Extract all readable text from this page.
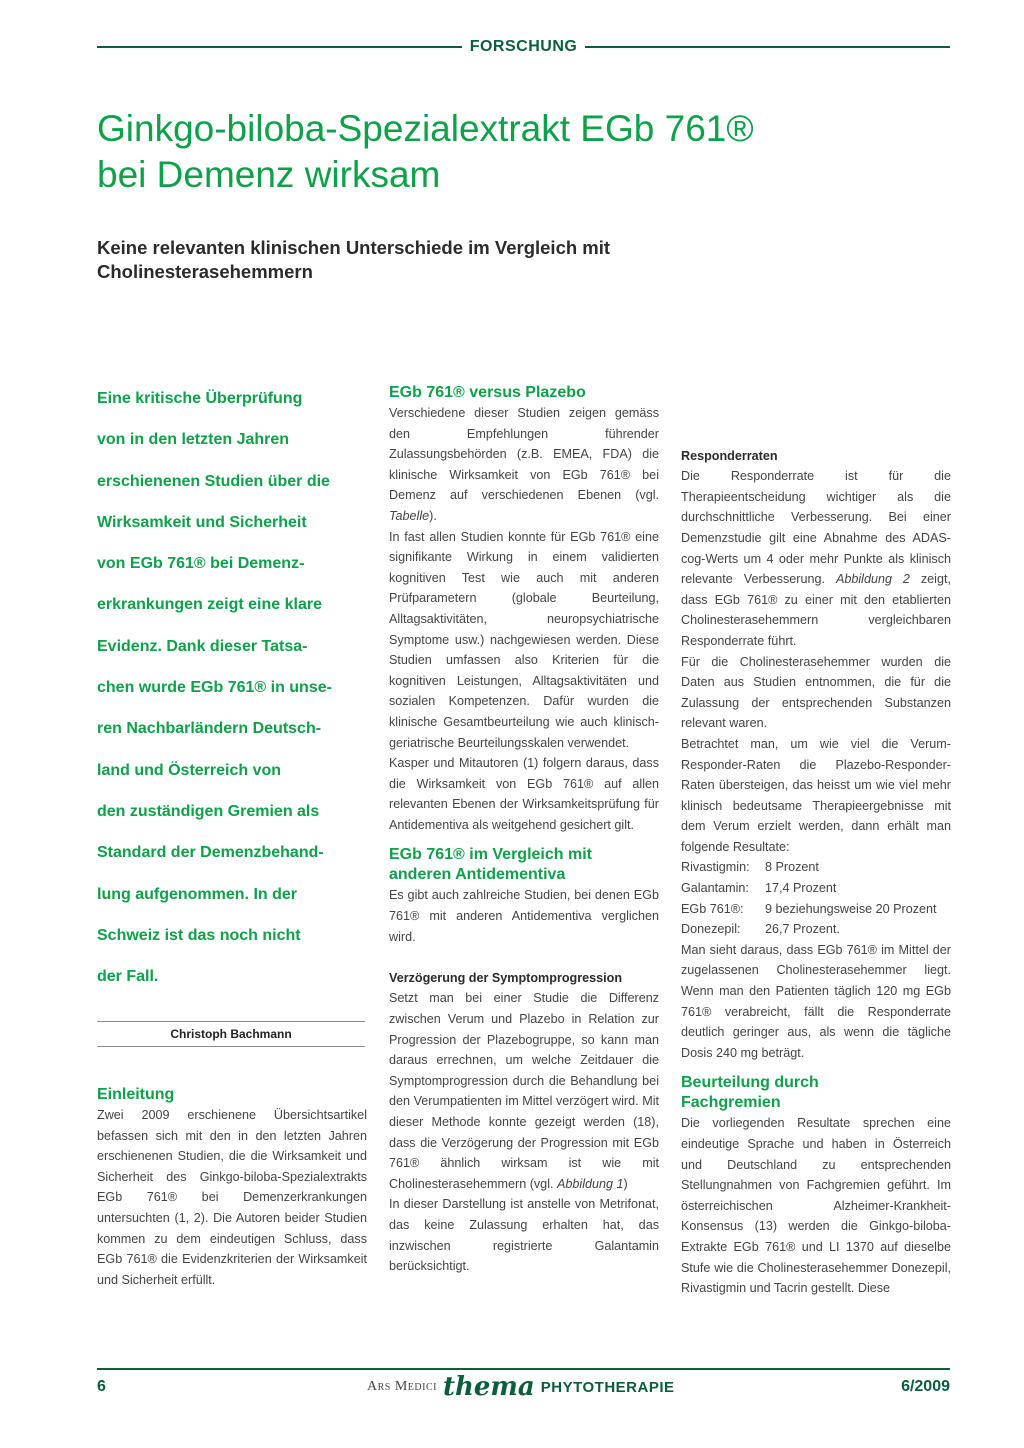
FORSCHUNG
Ginkgo-biloba-Spezialextrakt EGb 761®
bei Demenz wirksam
Keine relevanten klinischen Unterschiede im Vergleich mit
Cholinesterasehemmern
Eine kritische Überprüfung
von in den letzten Jahren
erschienenen Studien über die
Wirksamkeit und Sicherheit
von EGb 761® bei Demenz-
erkrankungen zeigt eine klare
Evidenz. Dank dieser Tatsa-
chen wurde EGb 761® in unse-
ren Nachbarländern Deutsch-
land und Österreich von
den zuständigen Gremien als
Standard der Demenzbehand-
lung aufgenommen. In der
Schweiz ist das noch nicht
der Fall.
Christoph Bachmann
Einleitung

Zwei 2009 erschienene Übersichtsartikel befassen sich mit den in den letzten Jahren erschienenen Studien, die die Wirksamkeit und Sicherheit des Ginkgo-biloba-Spezialextrakts EGb 761® bei Demenzerkrankungen untersuchten (1, 2). Die Autoren beider Studien kommen zu dem eindeutigen Schluss, dass EGb 761® die Evidenzkriterien der Wirksamkeit und Sicherheit erfüllt.

EGb 761® versus Plazebo

Verschiedene dieser Studien zeigen gemäss den Empfehlungen führender Zulassungsbehörden (z.B. EMEA, FDA) die klinische Wirksamkeit von EGb 761® bei Demenz auf verschiedenen Ebenen (vgl. Tabelle).

In fast allen Studien konnte für EGb 761® eine signifikante Wirkung in einem validierten kognitiven Test wie auch mit anderen Prüfparametern (globale Beurteilung, Alltagsaktivitäten, neuropsychiatrische Symptome usw.) nachgewiesen werden. Diese Studien umfassen also Kriterien für die kognitiven Leistungen, Alltagsaktivitäten und sozialen Kompetenzen. Dafür wurden die klinische Gesamtbeurteilung wie auch klinisch-geriatrische Beurteilungsskalen verwendet.

Kasper und Mitautoren (1) folgern daraus, dass die Wirksamkeit von EGb 761® auf allen relevanten Ebenen der Wirksamkeitsprüfung für Antidementiva als weitgehend gesichert gilt.

EGb 761® im Vergleich mit
anderen Antidementiva

Es gibt auch zahlreiche Studien, bei denen EGb 761® mit anderen Antidementiva verglichen wird.

Verzögerung der Symptomprogression

Setzt man bei einer Studie die Differenz zwischen Verum und Plazebo in Relation zur Progression der Plazebogruppe, so kann man daraus errechnen, um welche Zeitdauer die Symptomprogression durch die Behandlung bei den Verumpatienten im Mittel verzögert wird. Mit dieser Methode konnte gezeigt werden (18), dass die Verzögerung der Progression mit EGb 761® ähnlich wirksam ist wie mit Cholinesterasehemmern (vgl. Abbildung 1)

In dieser Darstellung ist anstelle von Metrifonat, das keine Zulassung erhalten hat, das inzwischen registrierte Galantamin berücksichtigt.

Responderraten

Die Responderrate ist für die Therapieentscheidung wichtiger als die durchschnittliche Verbesserung. Bei einer Demenzstudie gilt eine Abnahme des ADAS-cog-Werts um 4 oder mehr Punkte als klinisch relevante Verbesserung. Abbildung 2 zeigt, dass EGb 761® zu einer mit den etablierten Cholinesterasehemmern vergleichbaren Responderrate führt.

Für die Cholinesterasehemmer wurden die Daten aus Studien entnommen, die für die Zulassung der entsprechenden Substanzen relevant waren.

Betrachtet man, um wie viel die Verum-Responder-Raten die Plazebo-Responder-Raten übersteigen, das heisst um wie viel mehr klinisch bedeutsame Therapieergebnisse mit dem Verum erzielt werden, dann erhält man folgende Resultate:

Rivastigmin:	8 Prozent
Galantamin:	17,4 Prozent
EGb 761®:	9 beziehungsweise 20 Prozent
Donezepil:	26,7 Prozent.

Man sieht daraus, dass EGb 761® im Mittel der zugelassenen Cholinesterasehemmer liegt. Wenn man den Patienten täglich 120 mg EGb 761® verabreicht, fällt die Responderrate deutlich geringer aus, als wenn die tägliche Dosis 240 mg beträgt.

Beurteilung durch
Fachgremien

Die vorliegenden Resultate sprechen eine eindeutige Sprache und haben in Österreich und Deutschland zu entsprechenden Stellungnahmen von Fachgremien geführt. Im österreichischen Alzheimer-Krankheit-Konsensus (13) werden die Ginkgo-biloba-Extrakte EGb 761® und LI 1370 auf dieselbe Stufe wie die Cholinesterasehemmer Donezepil, Rivastigmin und Tacrin gestellt. Diese

6	Ars Medici thema PHYTOTHERAPIE	6/2009
